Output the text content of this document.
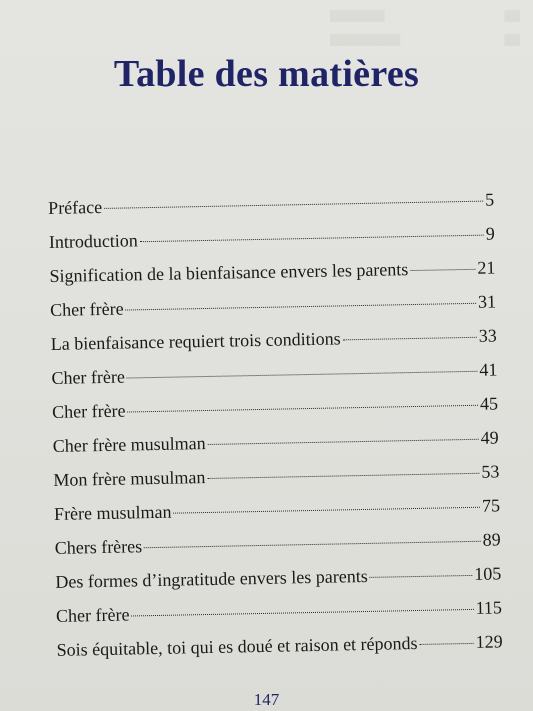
▒▒▒▒▒▒▒	▒▒
▒▒▒▒▒▒▒▒▒	▒▒
Table des matières
Préface	5
Introduction	9
Signification de la bienfaisance envers les parents	21
Cher frère	31
La bienfaisance requiert trois conditions	33
Cher frère	41
Cher frère	45
Cher frère musulman	49
Mon frère musulman	53
Frère musulman	75
Chers frères	89
Des formes d’ingratitude envers les parents	105
Cher frère	115
Sois équitable, toi qui es doué et raison et réponds	129
147
